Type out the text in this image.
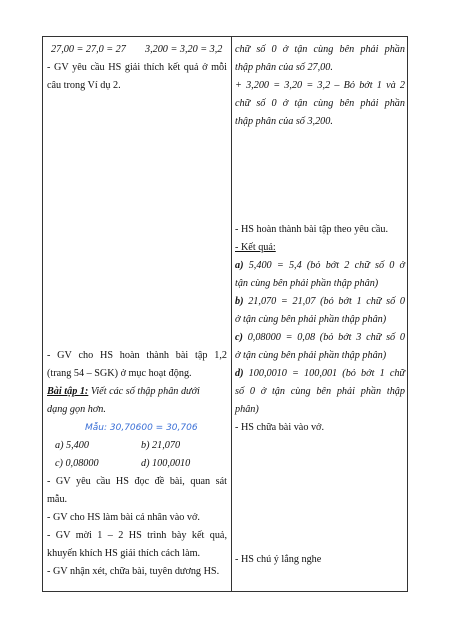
27,00 = 27,0 = 27 3,200 = 3,20 = 3,2
- GV yêu cầu HS giải thích kết quả ở mỗi
câu trong Ví dụ 2.
- GV cho HS hoàn thành bài tập 1,2
(trang 54 – SGK) ở mục hoạt động.
Bài tập 1: Viết các số thập phân dưới
dạng gọn hơn.
Mẫu: 30,70600 = 30,706
a) 5,400	b) 21,070
c) 0,08000	d) 100,0010
- GV yêu cầu HS đọc đề bài, quan sát
mẫu.
- GV cho HS làm bài cá nhân vào vở.
- GV mời 1 – 2 HS trình bày kết quả,
khuyến khích HS giải thích cách làm.
- GV nhận xét, chữa bài, tuyên dương HS.
chữ số 0 ở tận cùng bên phải phần
thập phân của số 27,00.
+ 3,200 = 3,20 = 3,2 – Bỏ bớt 1 và 2
chữ số 0 ở tận cùng bên phải phần
thập phân của số 3,200.
- HS hoàn thành bài tập theo yêu cầu.
- Kết quả:
a) 5,400 = 5,4 (bỏ bớt 2 chữ số 0 ở
tận cùng bên phải phần thập phân)
b) 21,070 = 21,07 (bỏ bớt 1 chữ số 0
ở tận cùng bên phải phần thập phân)
c) 0,08000 = 0,08 (bỏ bớt 3 chữ số 0
ở tận cùng bên phải phần thập phân)
d) 100,0010 = 100,001 (bỏ bớt 1 chữ
số 0 ở tận cùng bên phải phần thập
phân)
- HS chữa bài vào vở.
- HS chú ý lắng nghe
